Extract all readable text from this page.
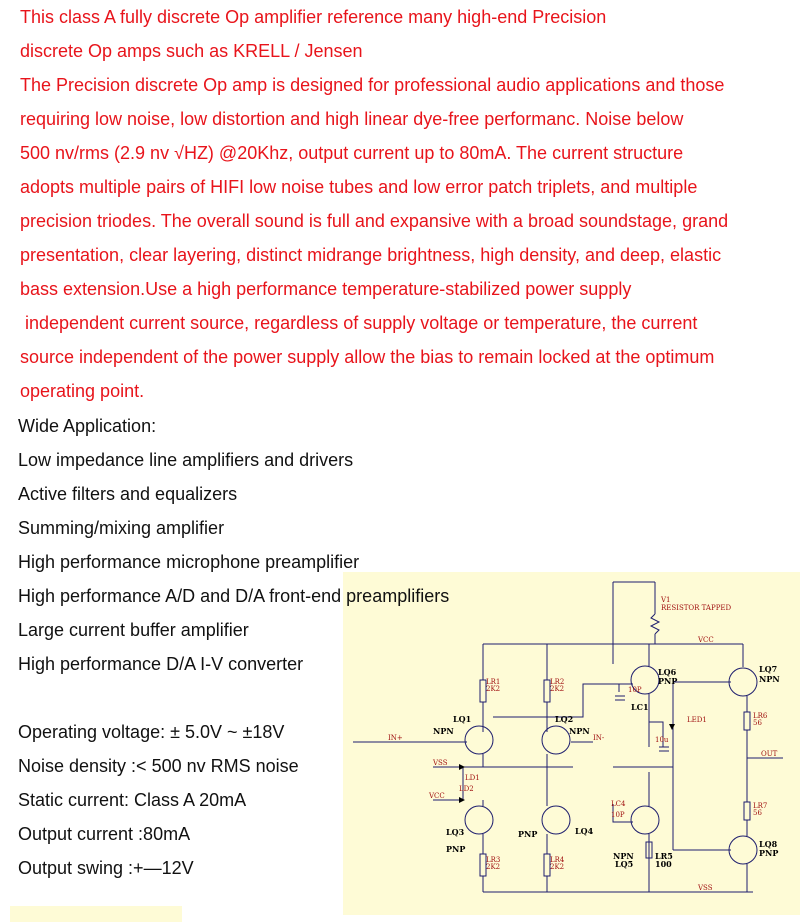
This class A fully discrete Op amplifier reference many high-end Precision
discrete Op amps such as KRELL / Jensen
The Precision discrete Op amp is designed for professional audio applications and those
requiring low noise, low distortion and high linear dye-free performanc. Noise below
500 nv/rms (2.9 nv √HZ) @20Khz, output current up to 80mA. The current structure
adopts multiple pairs of HIFI low noise tubes and low error patch triplets, and multiple
precision triodes. The overall sound is full and expansive with a broad soundstage, grand
presentation, clear layering, distinct midrange brightness, high density, and deep, elastic
bass extension.Use a high performance temperature-stabilized power supply
independent current source, regardless of supply voltage or temperature, the current
source independent of the power supply allow the bias to remain locked at the optimum
operating point.
V1
RESISTOR TAPPED
VCC
OUT
VSS
IN+	IN-
VSS
VCC
LR1
2K2
LR2
2K2
LR3
2K2
LR4
2K2
LR6
56
LR7
56
10P
LC4
10P
LD1
LD2
LED1
10u
LQ1
NPN
LQ2
NPN
LQ3
PNP
LQ4
PNP
LQ5
NPN
LQ6
PNP
LQ7
NPN
LQ8
PNP
LC1
LR5
100
Wide Application:
Low impedance line amplifiers and drivers
Active filters and equalizers
Summing/mixing amplifier
High performance microphone preamplifier
High performance A/D and D/A front-end preamplifiers
Large current buffer amplifier
High performance D/A I-V converter
Operating voltage: ± 5.0V ~ ±18V
Noise density :< 500 nv RMS noise
Static current: Class A 20mA
Output current :80mA
Output swing :+—12V
